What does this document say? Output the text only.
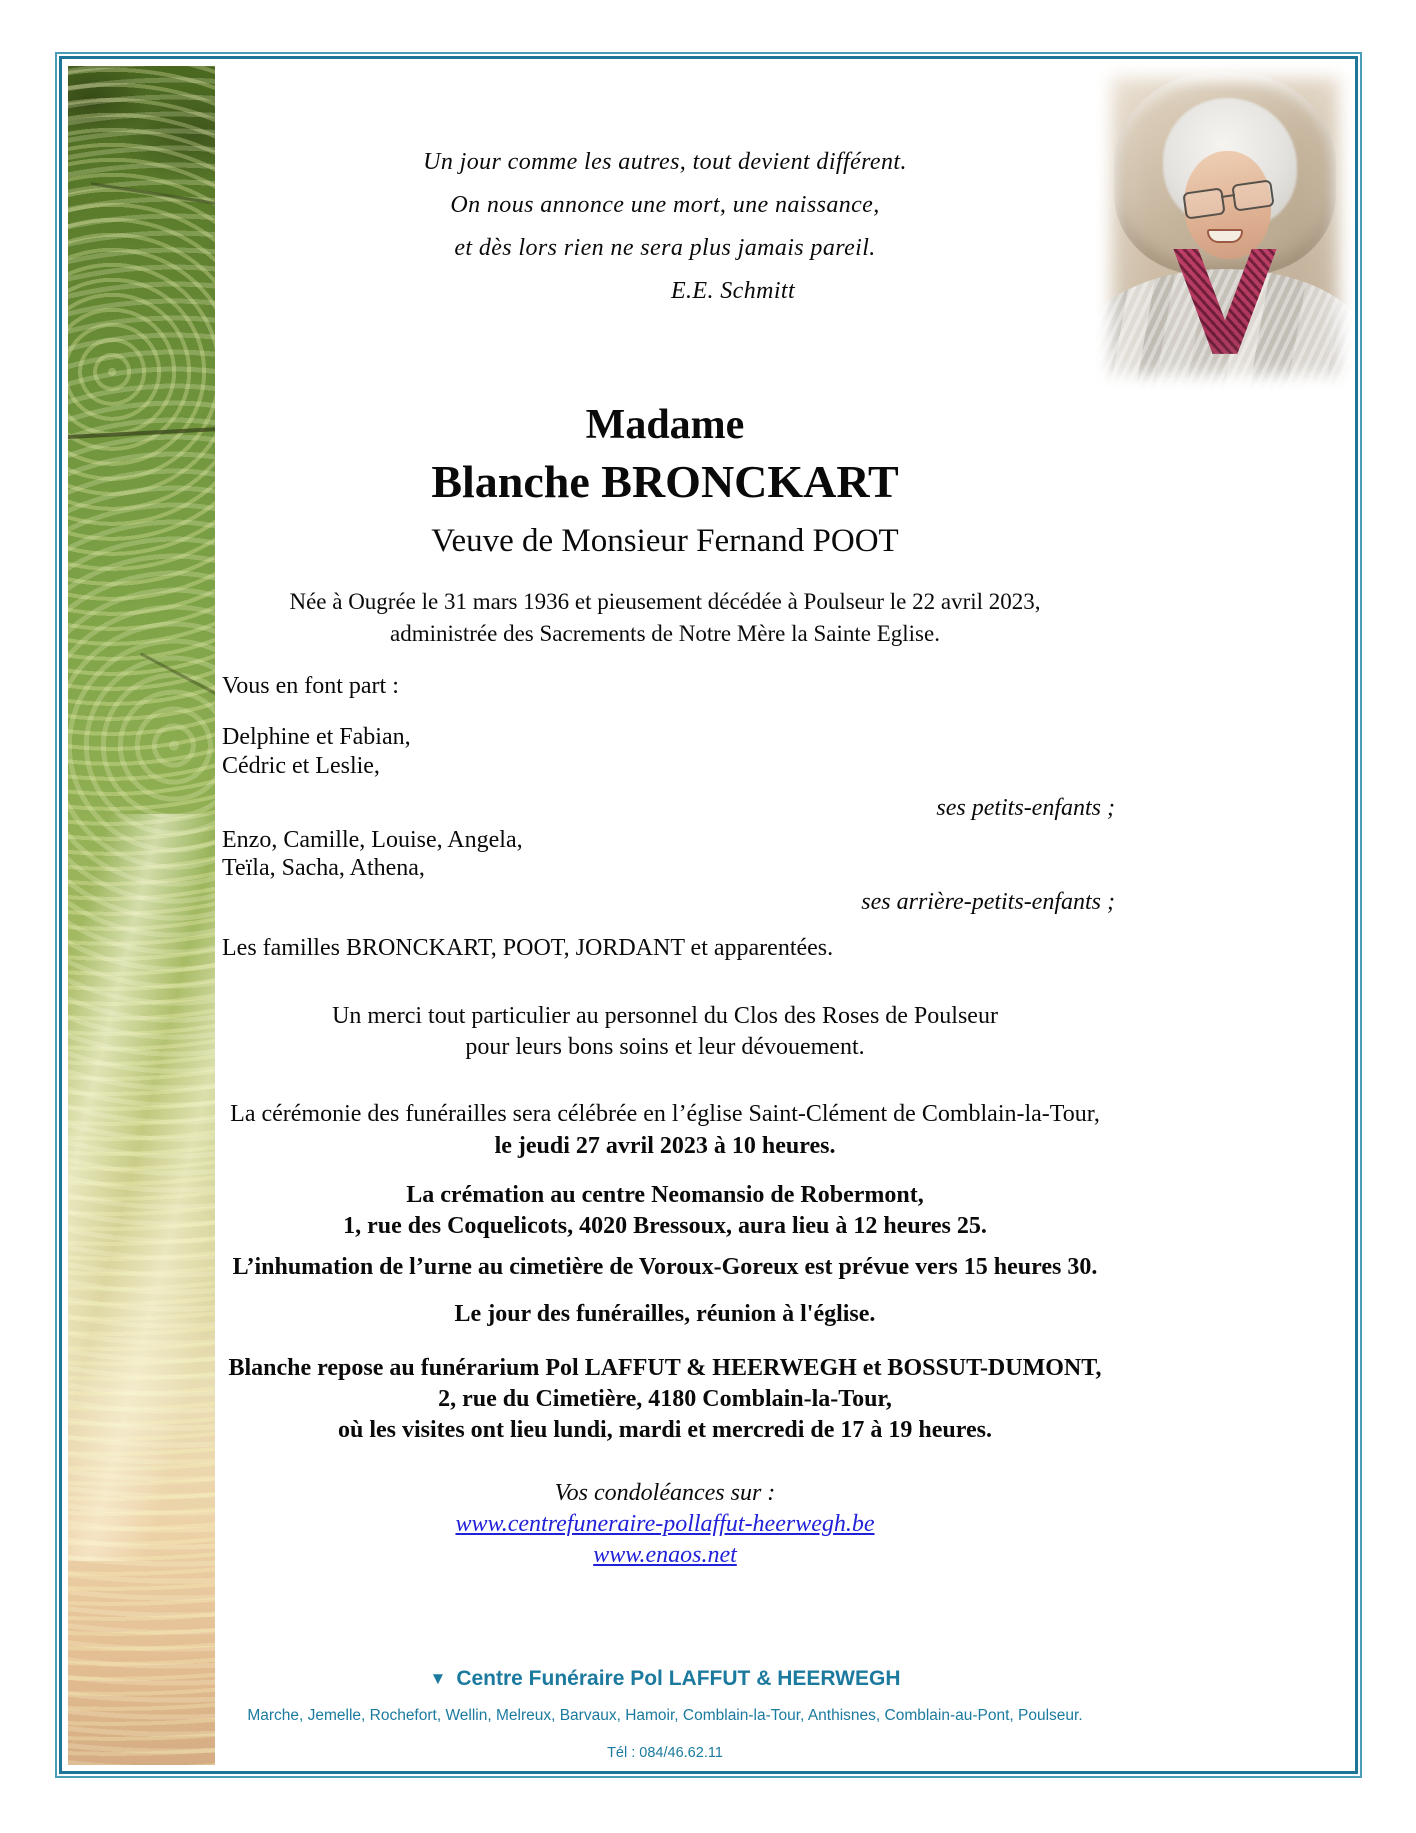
Un jour comme les autres, tout devient différent.
On nous annonce une mort, une naissance,
et dès lors rien ne sera plus jamais pareil.
E.E. Schmitt
Madame
Blanche BRONCKART
Veuve de Monsieur Fernand POOT
Née à Ougrée le 31 mars 1936 et pieusement décédée à Poulseur le 22 avril 2023,
administrée des Sacrements de Notre Mère la Sainte Eglise.
Vous en font part :
Delphine et Fabian,
Cédric et Leslie,
ses petits-enfants ;
Enzo, Camille, Louise, Angela,
Teïla, Sacha, Athena,
ses arrière-petits-enfants ;
Les familles BRONCKART, POOT, JORDANT et apparentées.
Un merci tout particulier au personnel du Clos des Roses de Poulseur
pour leurs bons soins et leur dévouement.
La cérémonie des funérailles sera célébrée en l’église Saint-Clément de Comblain-la-Tour,
le jeudi 27 avril 2023 à 10 heures.
La crémation au centre Neomansio de Robermont,
1, rue des Coquelicots, 4020 Bressoux, aura lieu à 12 heures 25.
L’inhumation de l’urne au cimetière de Voroux-Goreux est prévue vers 15 heures 30.
Le jour des funérailles, réunion à l'église.
Blanche repose au funérarium Pol LAFFUT & HEERWEGH et BOSSUT-DUMONT,
2, rue du Cimetière, 4180 Comblain-la-Tour,
où les visites ont lieu lundi, mardi et mercredi de 17 à 19 heures.
Vos condoléances sur :
www.centrefuneraire-pollaffut-heerwegh.be
www.enaos.net
▼ Centre Funéraire Pol LAFFUT & HEERWEGH
Marche, Jemelle, Rochefort, Wellin, Melreux, Barvaux, Hamoir, Comblain-la-Tour, Anthisnes, Comblain-au-Pont, Poulseur.
Tél : 084/46.62.11
